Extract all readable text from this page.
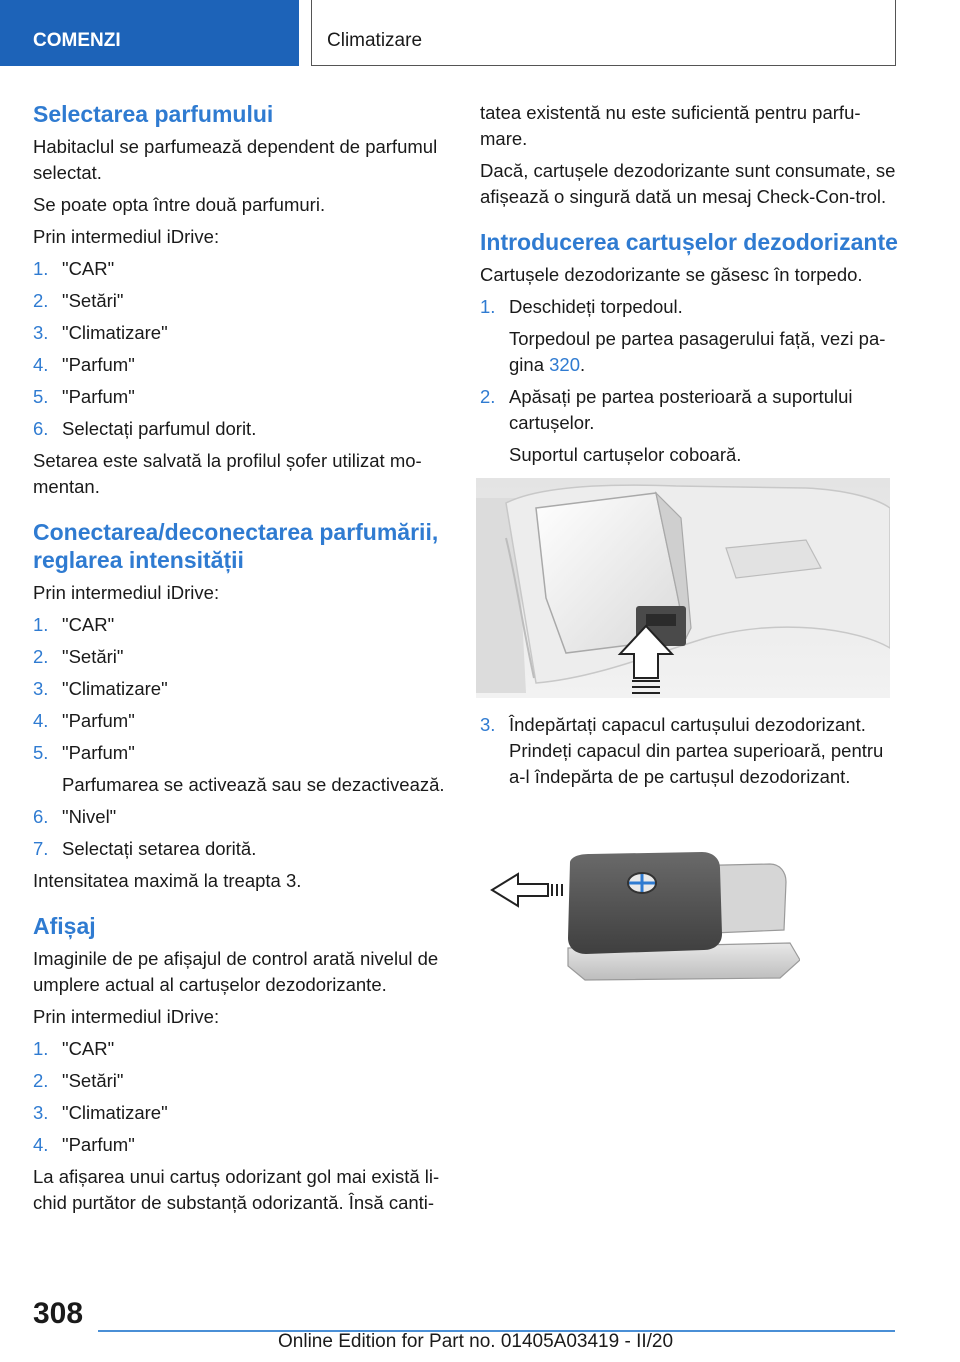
COMENZI	Climatizare
Selectarea parfumului

Habitaclul se parfumează dependent de parfumul selectat.

Se poate opta între două parfumuri.

Prin intermediul iDrive:

1. "CAR"
2. "Setări"
3. "Climatizare"
4. "Parfum"
5. "Parfum"
6. Selectați parfumul dorit.

Setarea este salvată la profilul șofer utilizat mo-mentan.

Conectarea/deconectarea parfumării, reglarea intensității

Prin intermediul iDrive:

1. "CAR"
2. "Setări"
3. "Climatizare"
4. "Parfum"
5. "Parfum"
Parfumarea se activează sau se dezactivează.
6. "Nivel"
7. Selectați setarea dorită.

Intensitatea maximă la treapta 3.

Afișaj

Imaginile de pe afișajul de control arată nivelul de umplere actual al cartușelor dezodorizante.

Prin intermediul iDrive:

1. "CAR"
2. "Setări"
3. "Climatizare"
4. "Parfum"

La afișarea unui cartuș odorizant gol mai există li-chid purtător de substanță odorizantă. Însă canti-

tatea existentă nu este suficientă pentru parfu-mare.

Dacă, cartușele dezodorizante sunt consumate, se afișează o singură dată un mesaj Check-Con-trol.

Introducerea cartușelor dezodorizante

Cartușele dezodorizante se găsesc în torpedo.

1. Deschideți torpedoul.
Torpedoul pe partea pasagerului față, vezi pa-gina 320.
2. Apăsați pe partea posterioară a suportului cartușelor.
Suportul cartușelor coboară.
3. Îndepărtați capacul cartușului dezodorizant. Prindeți capacul din partea superioară, pentru a-l îndepărta de pe cartușul dezodorizant.
308
Online Edition for Part no. 01405A03419 - II/20
